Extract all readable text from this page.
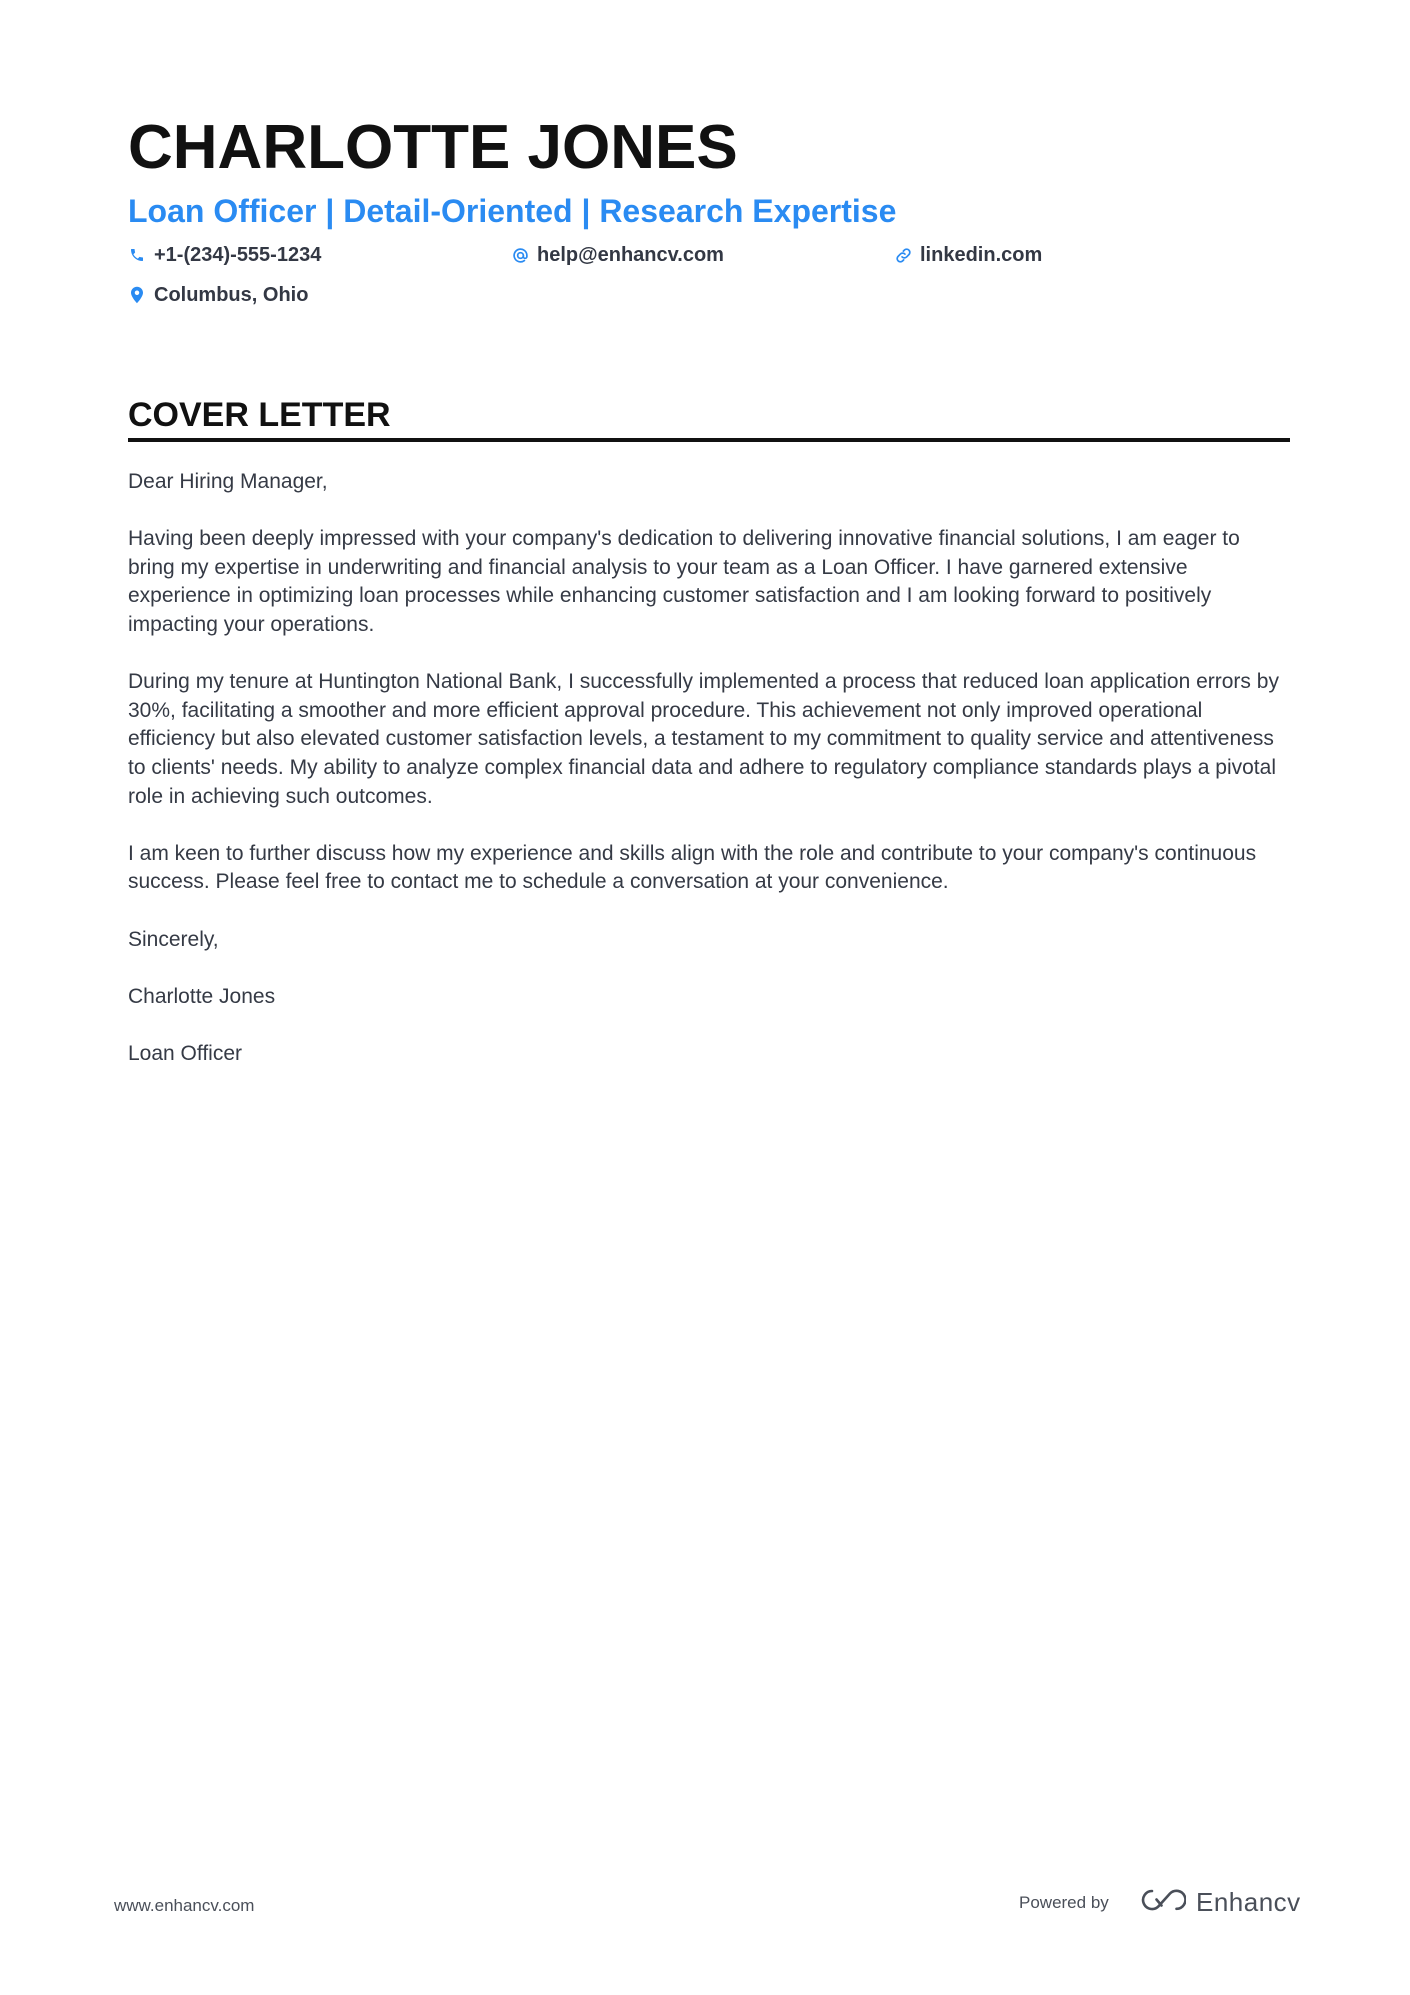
CHARLOTTE JONES
Loan Officer | Detail-Oriented | Research Expertise
+1-(234)-555-1234	help@enhancv.com	linkedin.com
Columbus, Ohio
COVER LETTER

Dear Hiring Manager,

Having been deeply impressed with your company's dedication to delivering innovative financial solutions, I am eager to bring my expertise in underwriting and financial analysis to your team as a Loan Officer. I have garnered extensive experience in optimizing loan processes while enhancing customer satisfaction and I am looking forward to positively impacting your operations.

During my tenure at Huntington National Bank, I successfully implemented a process that reduced loan application errors by 30%, facilitating a smoother and more efficient approval procedure. This achievement not only improved operational efficiency but also elevated customer satisfaction levels, a testament to my commitment to quality service and attentiveness to clients' needs. My ability to analyze complex financial data and adhere to regulatory compliance standards plays a pivotal role in achieving such outcomes.

I am keen to further discuss how my experience and skills align with the role and contribute to your company's continuous success. Please feel free to contact me to schedule a conversation at your convenience.

Sincerely,

Charlotte Jones

Loan Officer

www.enhancv.com	Powered by	Enhancv
